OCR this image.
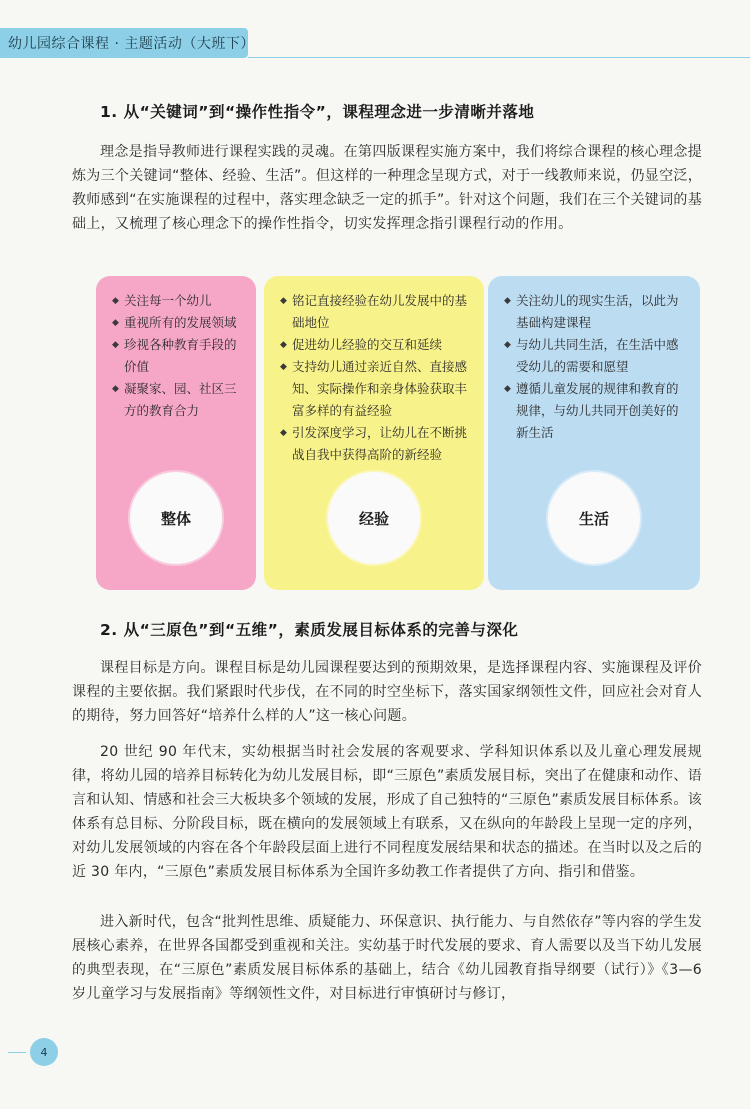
幼儿园综合课程 · 主题活动（大班下）
1. 从“关键词”到“操作性指令”，课程理念进一步清晰并落地
理念是指导教师进行课程实践的灵魂。在第四版课程实施方案中，我们将综合课程的核心理念提炼为三个关键词“整体、经验、生活”。但这样的一种理念呈现方式，对于一线教师来说，仍显空泛，教师感到“在实施课程的过程中，落实理念缺乏一定的抓手”。针对这个问题，我们在三个关键词的基础上，又梳理了核心理念下的操作性指令，切实发挥理念指引课程行动的作用。
◆ 关注每一个幼儿
◆ 重视所有的发展领域
◆ 珍视各种教育手段的价值
◆ 凝聚家、园、社区三方的教育合力
整体
◆ 铭记直接经验在幼儿发展中的基础地位
◆ 促进幼儿经验的交互和延续
◆ 支持幼儿通过亲近自然、直接感知、实际操作和亲身体验获取丰富多样的有益经验
◆ 引发深度学习，让幼儿在不断挑战自我中获得高阶的新经验
经验
◆ 关注幼儿的现实生活，以此为基础构建课程
◆ 与幼儿共同生活，在生活中感受幼儿的需要和愿望
◆ 遵循儿童发展的规律和教育的规律，与幼儿共同开创美好的新生活
生活
2. 从“三原色”到“五维”，素质发展目标体系的完善与深化
课程目标是方向。课程目标是幼儿园课程要达到的预期效果，是选择课程内容、实施课程及评价课程的主要依据。我们紧跟时代步伐，在不同的时空坐标下，落实国家纲领性文件，回应社会对育人的期待，努力回答好“培养什么样的人”这一核心问题。
20 世纪 90 年代末，实幼根据当时社会发展的客观要求、学科知识体系以及儿童心理发展规律，将幼儿园的培养目标转化为幼儿发展目标，即“三原色”素质发展目标，突出了在健康和动作、语言和认知、情感和社会三大板块多个领域的发展，形成了自己独特的“三原色”素质发展目标体系。该体系有总目标、分阶段目标，既在横向的发展领域上有联系，又在纵向的年龄段上呈现一定的序列，对幼儿发展领域的内容在各个年龄段层面上进行不同程度发展结果和状态的描述。在当时以及之后的近 30 年内，“三原色”素质发展目标体系为全国许多幼教工作者提供了方向、指引和借鉴。
进入新时代，包含“批判性思维、质疑能力、环保意识、执行能力、与自然依存”等内容的学生发展核心素养，在世界各国都受到重视和关注。实幼基于时代发展的要求、育人需要以及当下幼儿发展的典型表现，在“三原色”素质发展目标体系的基础上，结合《幼儿园教育指导纲要（试行）》《3—6 岁儿童学习与发展指南》等纲领性文件，对目标进行审慎研讨与修订，
4
